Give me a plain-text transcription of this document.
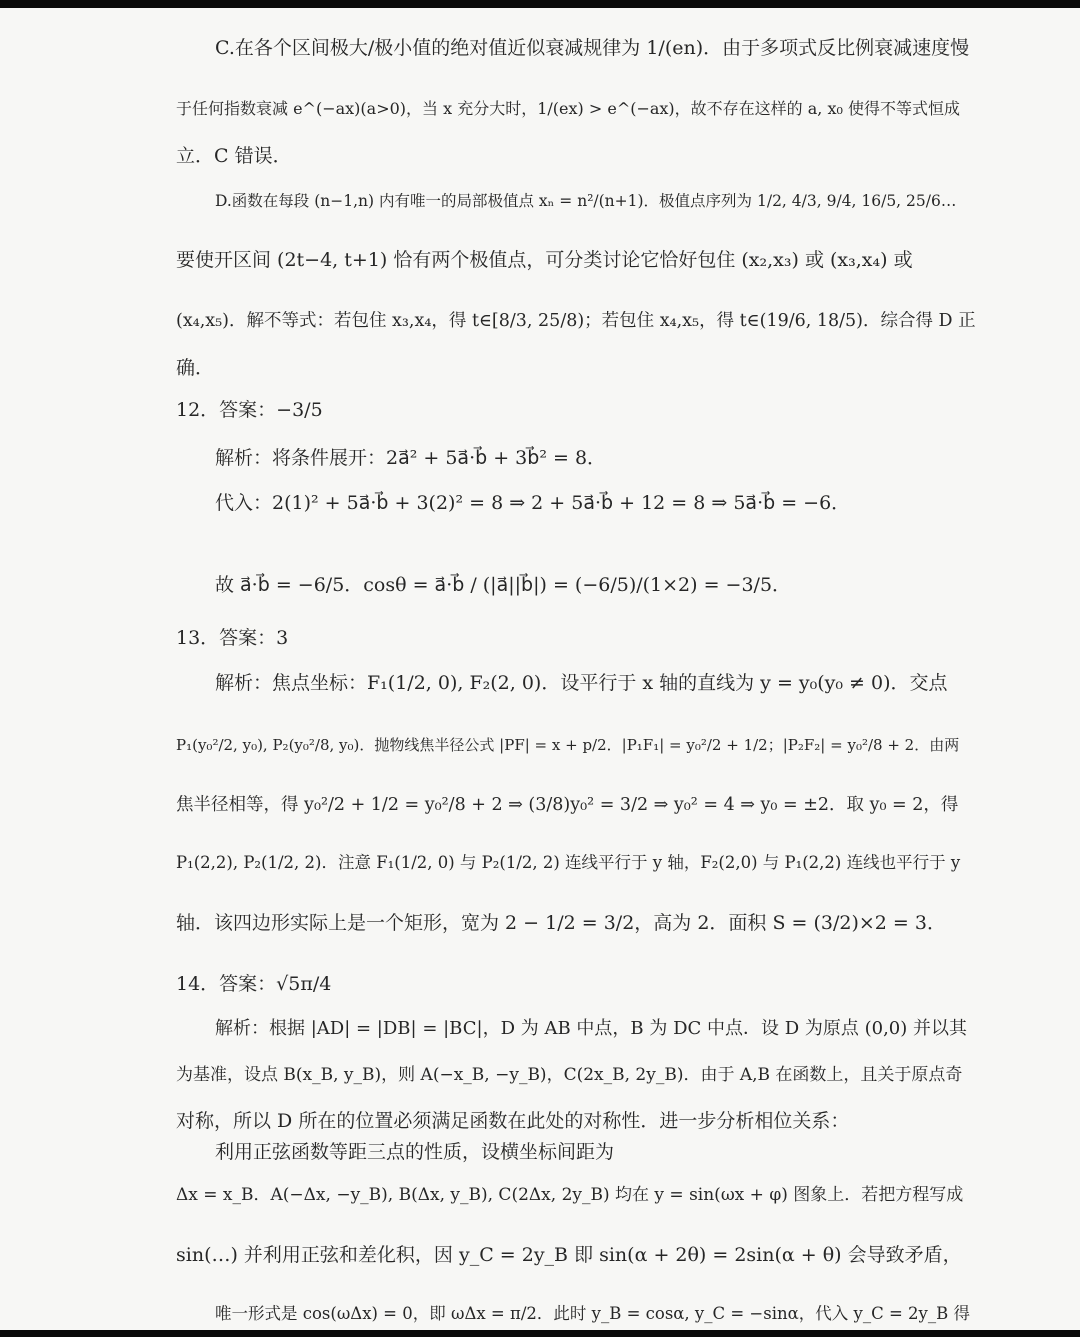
C.在各个区间极大/极小值的绝对值近似衰减规律为 1/(en)．由于多项式反比例衰减速度慢
于任何指数衰减 e^(−ax)(a>0)，当 x 充分大时，1/(ex) > e^(−ax)，故不存在这样的 a, x₀ 使得不等式恒成
立．C 错误．
D.函数在每段 (n−1,n) 内有唯一的局部极值点 xₙ = n²/(n+1)．极值点序列为 1/2, 4/3, 9/4, 16/5, 25/6…
要使开区间 (2t−4, t+1) 恰有两个极值点，可分类讨论它恰好包住 (x₂,x₃) 或 (x₃,x₄) 或
(x₄,x₅)．解不等式：若包住 x₃,x₄，得 t∈[8/3, 25/8)；若包住 x₄,x₅，得 t∈(19/6, 18/5)．综合得 D 正
确．
12．答案：−3/5
解析：将条件展开：2a⃗² + 5a⃗·b⃗ + 3b⃗² = 8．
代入：2(1)² + 5a⃗·b⃗ + 3(2)² = 8 ⇒ 2 + 5a⃗·b⃗ + 12 = 8 ⇒ 5a⃗·b⃗ = −6．
故 a⃗·b⃗ = −6/5．cosθ = a⃗·b⃗ / (|a⃗||b⃗|) = (−6/5)/(1×2) = −3/5．
13．答案：3
解析：焦点坐标：F₁(1/2, 0), F₂(2, 0)．设平行于 x 轴的直线为 y = y₀(y₀ ≠ 0)．交点
P₁(y₀²/2, y₀), P₂(y₀²/8, y₀)．抛物线焦半径公式 |PF| = x + p/2．|P₁F₁| = y₀²/2 + 1/2；|P₂F₂| = y₀²/8 + 2．由两
焦半径相等，得 y₀²/2 + 1/2 = y₀²/8 + 2 ⇒ (3/8)y₀² = 3/2 ⇒ y₀² = 4 ⇒ y₀ = ±2．取 y₀ = 2，得
P₁(2,2), P₂(1/2, 2)．注意 F₁(1/2, 0) 与 P₂(1/2, 2) 连线平行于 y 轴，F₂(2,0) 与 P₁(2,2) 连线也平行于 y
轴．该四边形实际上是一个矩形，宽为 2 − 1/2 = 3/2，高为 2．面积 S = (3/2)×2 = 3．
14．答案：√5π/4
解析：根据 |AD| = |DB| = |BC|，D 为 AB 中点，B 为 DC 中点．设 D 为原点 (0,0) 并以其
为基准，设点 B(x_B, y_B)，则 A(−x_B, −y_B)，C(2x_B, 2y_B)．由于 A,B 在函数上，且关于原点奇
对称，所以 D 所在的位置必须满足函数在此处的对称性．进一步分析相位关系：
利用正弦函数等距三点的性质，设横坐标间距为
Δx = x_B．A(−Δx, −y_B), B(Δx, y_B), C(2Δx, 2y_B) 均在 y = sin(ωx + φ) 图象上．若把方程写成
sin(…) 并利用正弦和差化积，因 y_C = 2y_B 即 sin(α + 2θ) = 2sin(α + θ) 会导致矛盾，
唯一形式是 cos(ωΔx) = 0，即 ωΔx = π/2．此时 y_B = cosα, y_C = −sinα，代入 y_C = 2y_B 得
